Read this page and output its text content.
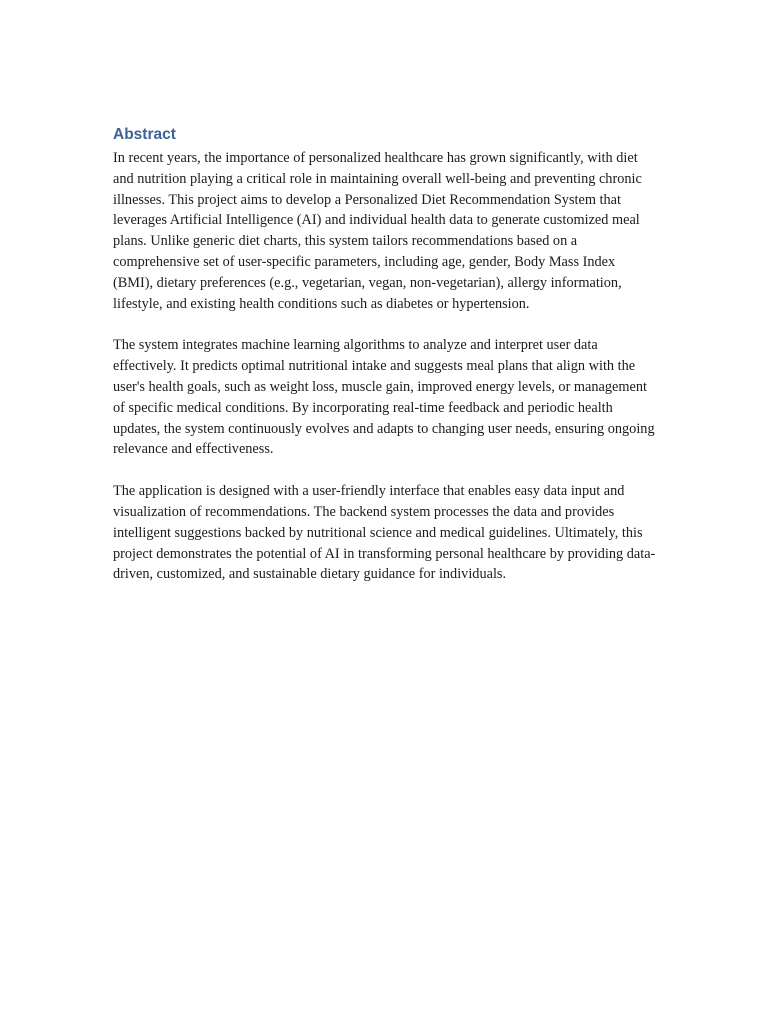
Abstract

In recent years, the importance of personalized healthcare has grown significantly, with diet and nutrition playing a critical role in maintaining overall well-being and preventing chronic illnesses. This project aims to develop a Personalized Diet Recommendation System that leverages Artificial Intelligence (AI) and individual health data to generate customized meal plans. Unlike generic diet charts, this system tailors recommendations based on a comprehensive set of user-specific parameters, including age, gender, Body Mass Index (BMI), dietary preferences (e.g., vegetarian, vegan, non-vegetarian), allergy information, lifestyle, and existing health conditions such as diabetes or hypertension.

The system integrates machine learning algorithms to analyze and interpret user data effectively. It predicts optimal nutritional intake and suggests meal plans that align with the user's health goals, such as weight loss, muscle gain, improved energy levels, or management of specific medical conditions. By incorporating real-time feedback and periodic health updates, the system continuously evolves and adapts to changing user needs, ensuring ongoing relevance and effectiveness.

The application is designed with a user-friendly interface that enables easy data input and visualization of recommendations. The backend system processes the data and provides intelligent suggestions backed by nutritional science and medical guidelines. Ultimately, this project demonstrates the potential of AI in transforming personal healthcare by providing data-driven, customized, and sustainable dietary guidance for individuals.
